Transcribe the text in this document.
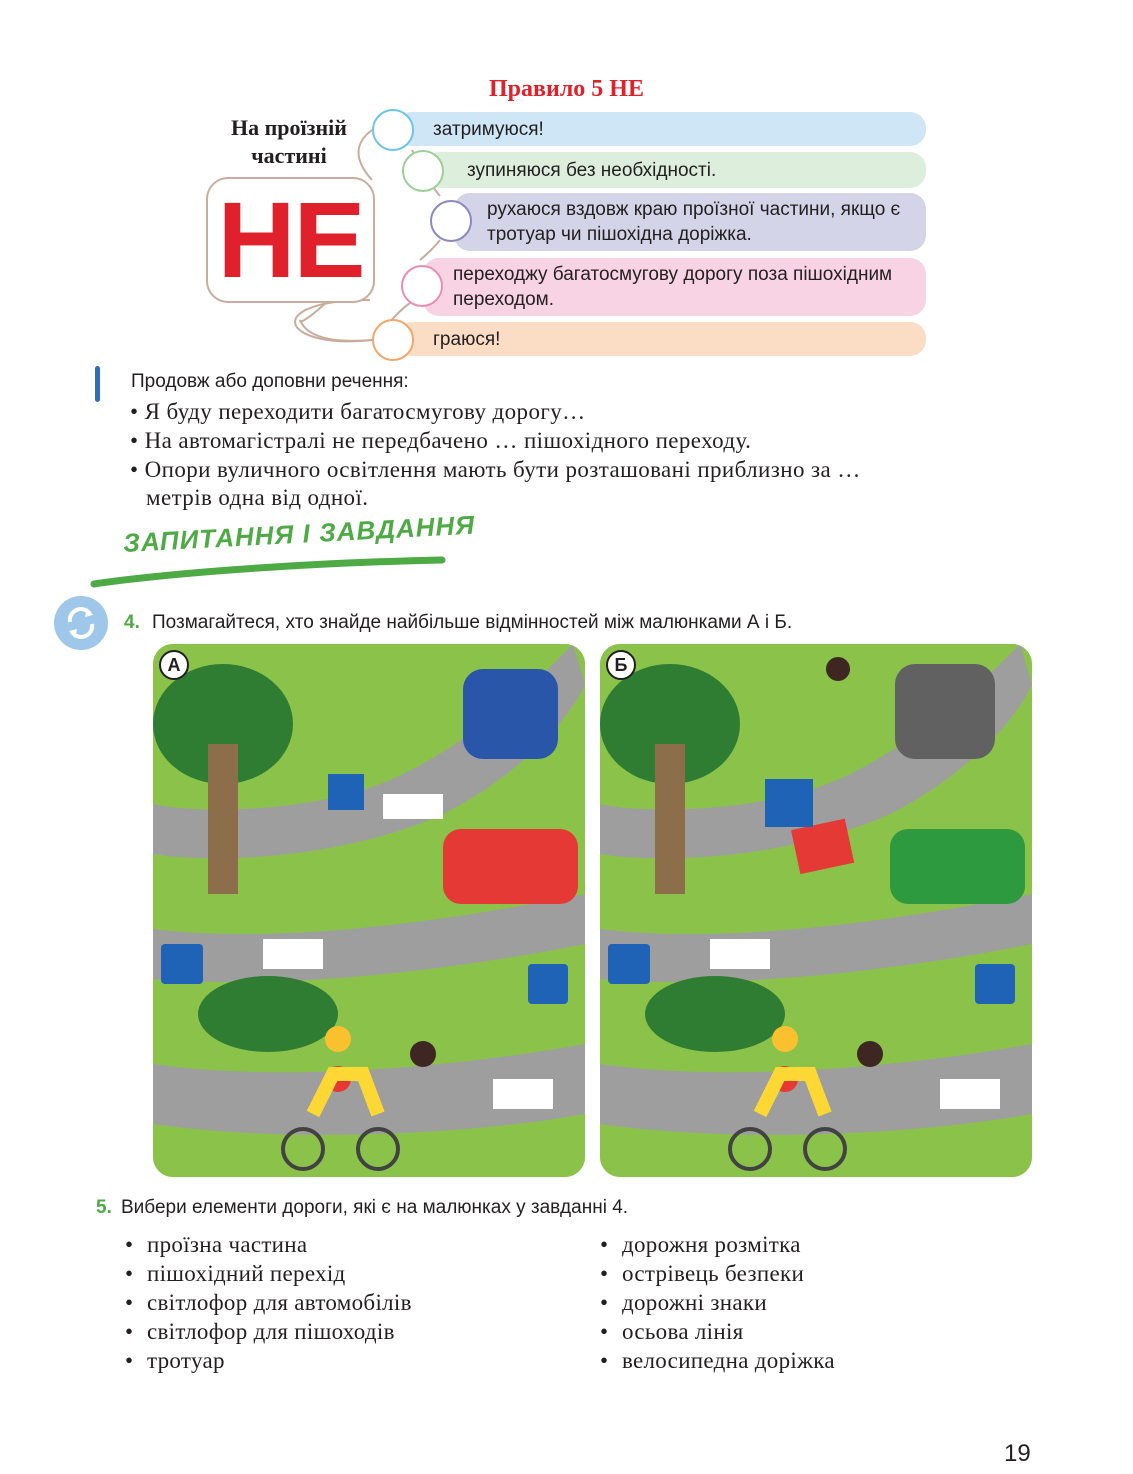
Правило 5 НЕ
На проїзній частині
НЕ
затримуюся!
зупиняюся без необхідності.
рухаюся вздовж краю проїзної частини, якщо є тротуар чи пішохідна доріжка.
переходжу багатосмугову дорогу поза пішохідним переходом.
граюся!
Продовж або доповни речення:
• Я буду переходити багатосмугову дорогу…
• На автомагістралі не передбачено … пішохідного переходу.
• Опори вуличного освітлення мають бути розташовані приблизно за …
метрів одна від одної.
ЗАПИТАННЯ І ЗАВДАННЯ
4. Позмагайтеся, хто знайде найбільше відмінностей між малюнками А і Б.
А	Б
5. Вибери елементи дороги, які є на малюнках у завданні 4.
• проїзна частина
• пішохідний перехід
• світлофор для автомобілів
• світлофор для пішоходів
• тротуар
• дорожня розмітка
• острівець безпеки
• дорожні знаки
• осьова лінія
• велосипедна доріжка
19
